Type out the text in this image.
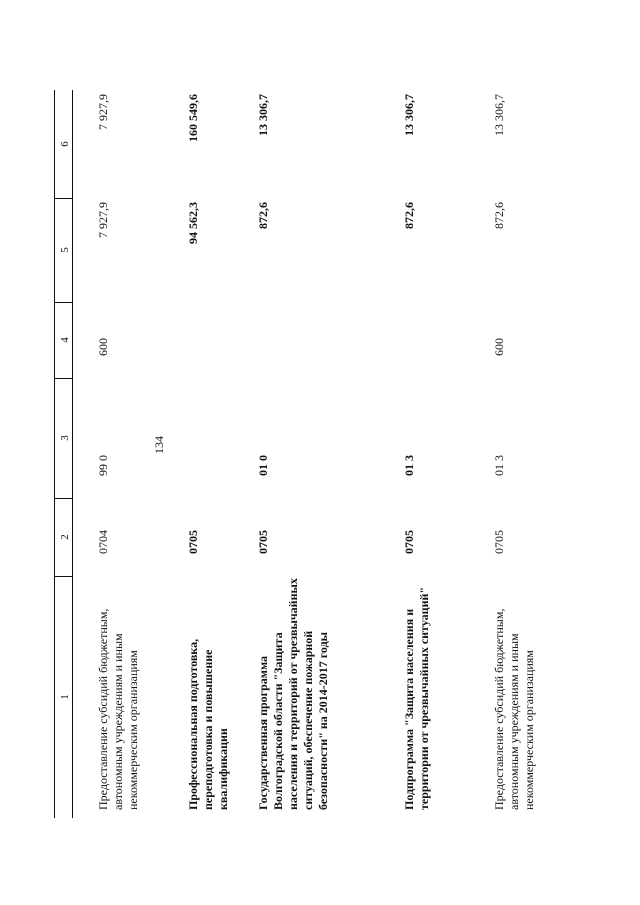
134
1
2
3
4
5
6
Предоставление субсидий бюджетным, автономным учреждениям и иным некоммерческим организациям
0704
99 0
600
7 927,9
7 927,9
Профессиональная подготовка, переподготовка и повышение квалификации
0705
94 562,3
160 549,6
Государственная программа Волгоградской области "Защита населения и территорий от чрезвычайных ситуаций, обеспечение пожарной безопасности" на 2014-2017 годы
0705
01 0
872,6
13 306,7
Подпрограмма "Защита населения и территории от чрезвычайных ситуаций"
0705
01 3
872,6
13 306,7
Предоставление субсидий бюджетным, автономным учреждениям и иным некоммерческим организациям
0705
01 3
600
872,6
13 306,7
